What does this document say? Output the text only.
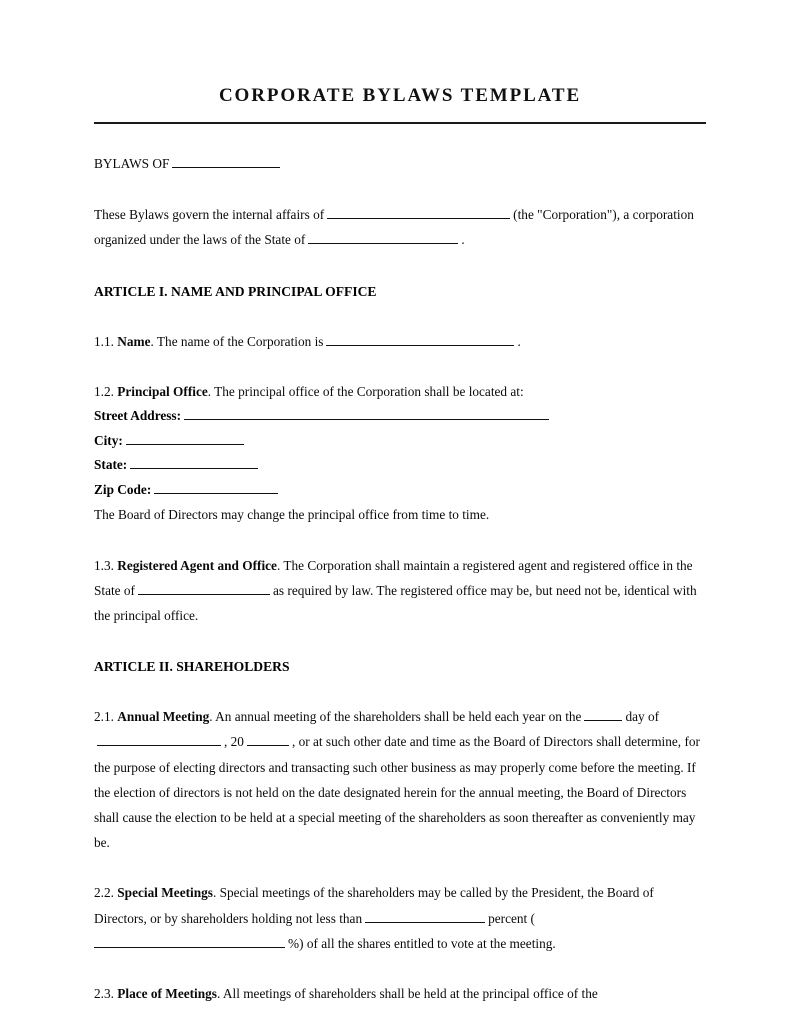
CORPORATE BYLAWS TEMPLATE

BYLAWS OF

These Bylaws govern the internal affairs of	(the "Corporation"), a corporation organized under the laws of the State of	.

ARTICLE I. NAME AND PRINCIPAL OFFICE

1.1. Name. The name of the Corporation is	.

1.2. Principal Office. The principal office of the Corporation shall be located at:

Street Address:
City:
State:
Zip Code:

The Board of Directors may change the principal office from time to time.

1.3. Registered Agent and Office. The Corporation shall maintain a registered agent and registered office in the State of	as required by law. The registered office may be, but need not be, identical with the principal office.

ARTICLE II. SHAREHOLDERS

2.1. Annual Meeting. An annual meeting of the shareholders shall be held each year on the	day of, 20	, or at such other date and time as the Board of Directors shall determine, for the purpose of electing directors and transacting such other business as may properly come before the meeting. If the election of directors is not held on the date designated herein for the annual meeting, the Board of Directors shall cause the election to be held at a special meeting of the shareholders as soon thereafter as conveniently may be.

2.2. Special Meetings. Special meetings of the shareholders may be called by the President, the Board of Directors, or by shareholders holding not less than	percent (%) of all the shares entitled to vote at the meeting.

2.3. Place of Meetings. All meetings of shareholders shall be held at the principal office of the
